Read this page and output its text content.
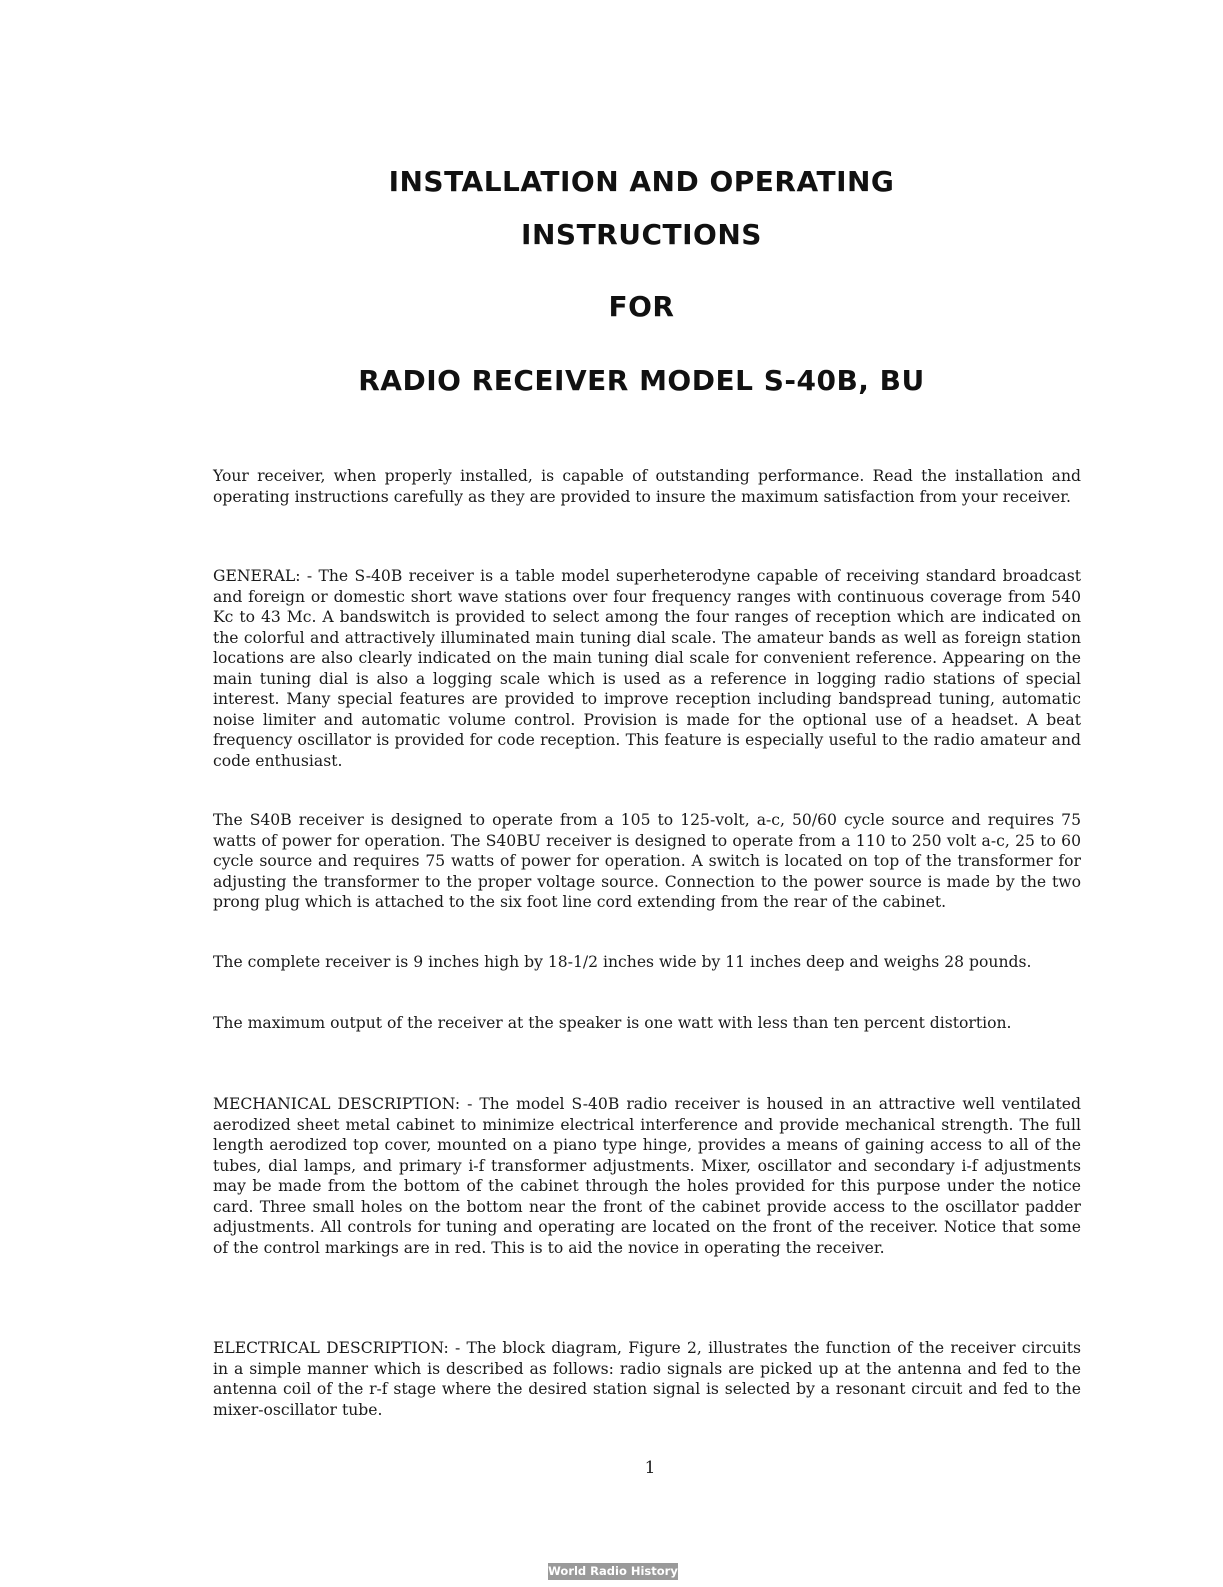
INSTALLATION AND OPERATING
INSTRUCTIONS
FOR
RADIO RECEIVER MODEL S-40B, BU

Your receiver, when properly installed, is capable of outstanding performance. Read the installation and operating instructions carefully as they are provided to insure the maximum satisfaction from your receiver.

GENERAL: - The S-40B receiver is a table model superheterodyne capable of receiving standard broadcast and foreign or domestic short wave stations over four frequency ranges with continuous coverage from 540 Kc to 43 Mc. A bandswitch is provided to select among the four ranges of reception which are indicated on the colorful and attractively illuminated main tuning dial scale. The amateur bands as well as foreign station locations are also clearly indicated on the main tuning dial scale for convenient reference. Appearing on the main tuning dial is also a logging scale which is used as a reference in logging radio stations of special interest. Many special features are provided to improve reception including bandspread tuning, automatic noise limiter and automatic volume control. Provision is made for the optional use of a headset. A beat frequency oscillator is provided for code reception. This feature is especially useful to the radio amateur and code enthusiast.

The S40B receiver is designed to operate from a 105 to 125-volt, a-c, 50/60 cycle source and requires 75 watts of power for operation. The S40BU receiver is designed to operate from a 110 to 250 volt a-c, 25 to 60 cycle source and requires 75 watts of power for operation. A switch is located on top of the transformer for adjusting the transformer to the proper voltage source. Connection to the power source is made by the two prong plug which is attached to the six foot line cord extending from the rear of the cabinet.

The complete receiver is 9 inches high by 18-1/2 inches wide by 11 inches deep and weighs 28 pounds.

The maximum output of the receiver at the speaker is one watt with less than ten percent distortion.

MECHANICAL DESCRIPTION: - The model S-40B radio receiver is housed in an attractive well ventilated aerodized sheet metal cabinet to minimize electrical interference and provide mechanical strength. The full length aerodized top cover, mounted on a piano type hinge, provides a means of gaining access to all of the tubes, dial lamps, and primary i-f transformer adjustments. Mixer, oscillator and secondary i-f adjustments may be made from the bottom of the cabinet through the holes provided for this purpose under the notice card. Three small holes on the bottom near the front of the cabinet provide access to the oscillator padder adjustments. All controls for tuning and operating are located on the front of the receiver. Notice that some of the control markings are in red. This is to aid the novice in operating the receiver.

ELECTRICAL DESCRIPTION: - The block diagram, Figure 2, illustrates the function of the receiver circuits in a simple manner which is described as follows: radio signals are picked up at the antenna and fed to the antenna coil of the r-f stage where the desired station signal is selected by a resonant circuit and fed to the mixer-oscillator tube.

1

World Radio History
